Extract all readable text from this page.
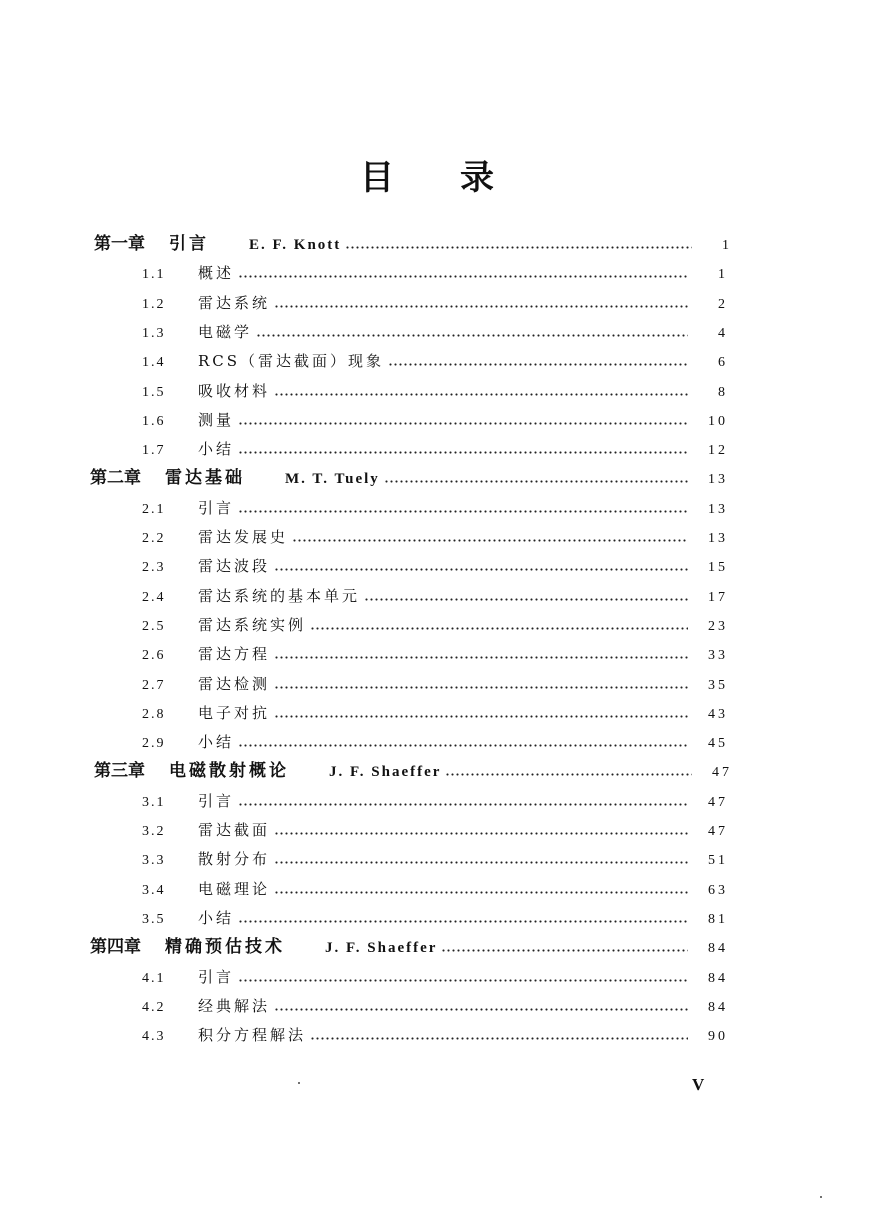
目 录
第一章 引言	E. F. Knott	1
1.1	概述	1
1.2	雷达系统	2
1.3	电磁学	4
1.4	RCS（雷达截面）现象	6
1.5	吸收材料	8
1.6	测量	10
1.7	小结	12
第二章 雷达基础	M. T. Tuely	13
2.1	引言	13
2.2	雷达发展史	13
2.3	雷达波段	15
2.4	雷达系统的基本单元	17
2.5	雷达系统实例	23
2.6	雷达方程	33
2.7	雷达检测	35
2.8	电子对抗	43
2.9	小结	45
第三章 电磁散射概论	J. F. Shaeffer	47
3.1	引言	47
3.2	雷达截面	47
3.3	散射分布	51
3.4	电磁理论	63
3.5	小结	81
第四章 精确预估技术	J. F. Shaeffer	84
4.1	引言	84
4.2	经典解法	84
4.3	积分方程解法	90
V
